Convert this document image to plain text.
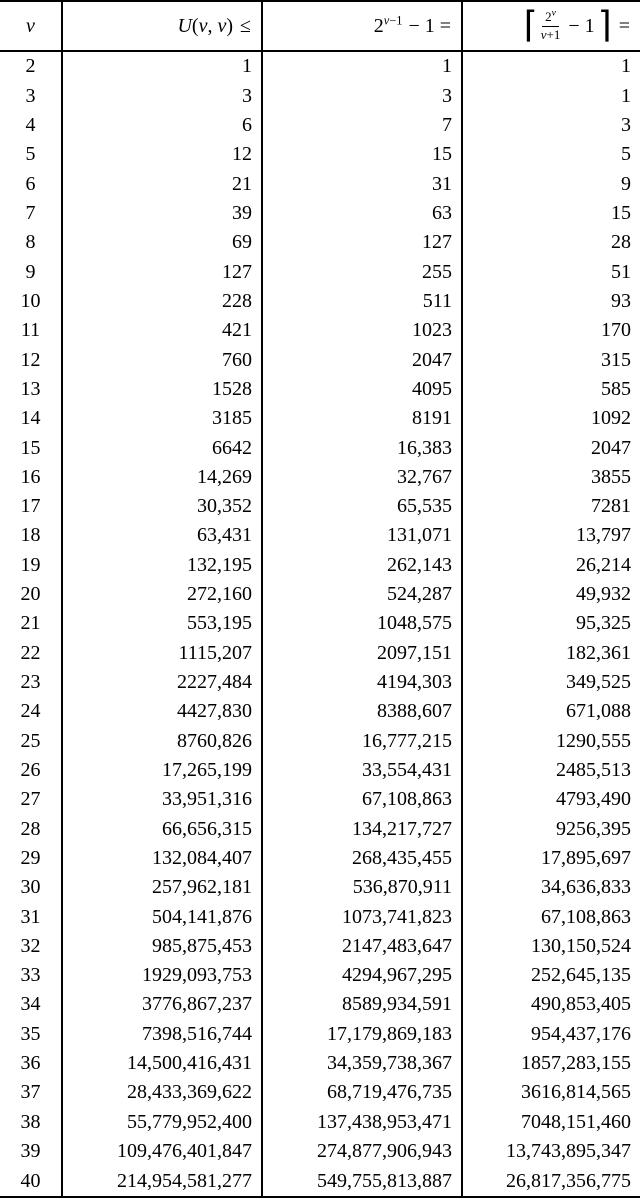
v	U ( v , v ) ≤	$2^{v-1} - 1$ =	⌈ $\frac{2^v}{v+1} - 1$ ⌉ =

2	1	1	1
3	3	3	1
4	6	7	3
5	12	15	5
6	21	31	9
7	39	63	15
8	69	127	28
9	127	255	51
10	228	511	93
11	421	1023	170
12	760	2047	315
13	1528	4095	585
14	3185	8191	1092
15	6642	16,383	2047
16	14,269	32,767	3855
17	30,352	65,535	7281
18	63,431	131,071	13,797
19	132,195	262,143	26,214
20	272,160	524,287	49,932
21	553,195	1048,575	95,325
22	1115,207	2097,151	182,361
23	2227,484	4194,303	349,525
24	4427,830	8388,607	671,088
25	8760,826	16,777,215	1290,555
26	17,265,199	33,554,431	2485,513
27	33,951,316	67,108,863	4793,490
28	66,656,315	134,217,727	9256,395
29	132,084,407	268,435,455	17,895,697
30	257,962,181	536,870,911	34,636,833
31	504,141,876	1073,741,823	67,108,863
32	985,875,453	2147,483,647	130,150,524
33	1929,093,753	4294,967,295	252,645,135
34	3776,867,237	8589,934,591	490,853,405
35	7398,516,744	17,179,869,183	954,437,176
36	14,500,416,431	34,359,738,367	1857,283,155
37	28,433,369,622	68,719,476,735	3616,814,565
38	55,779,952,400	137,438,953,471	7048,151,460
39	109,476,401,847	274,877,906,943	13,743,895,347
40	214,954,581,277	549,755,813,887	26,817,356,775
